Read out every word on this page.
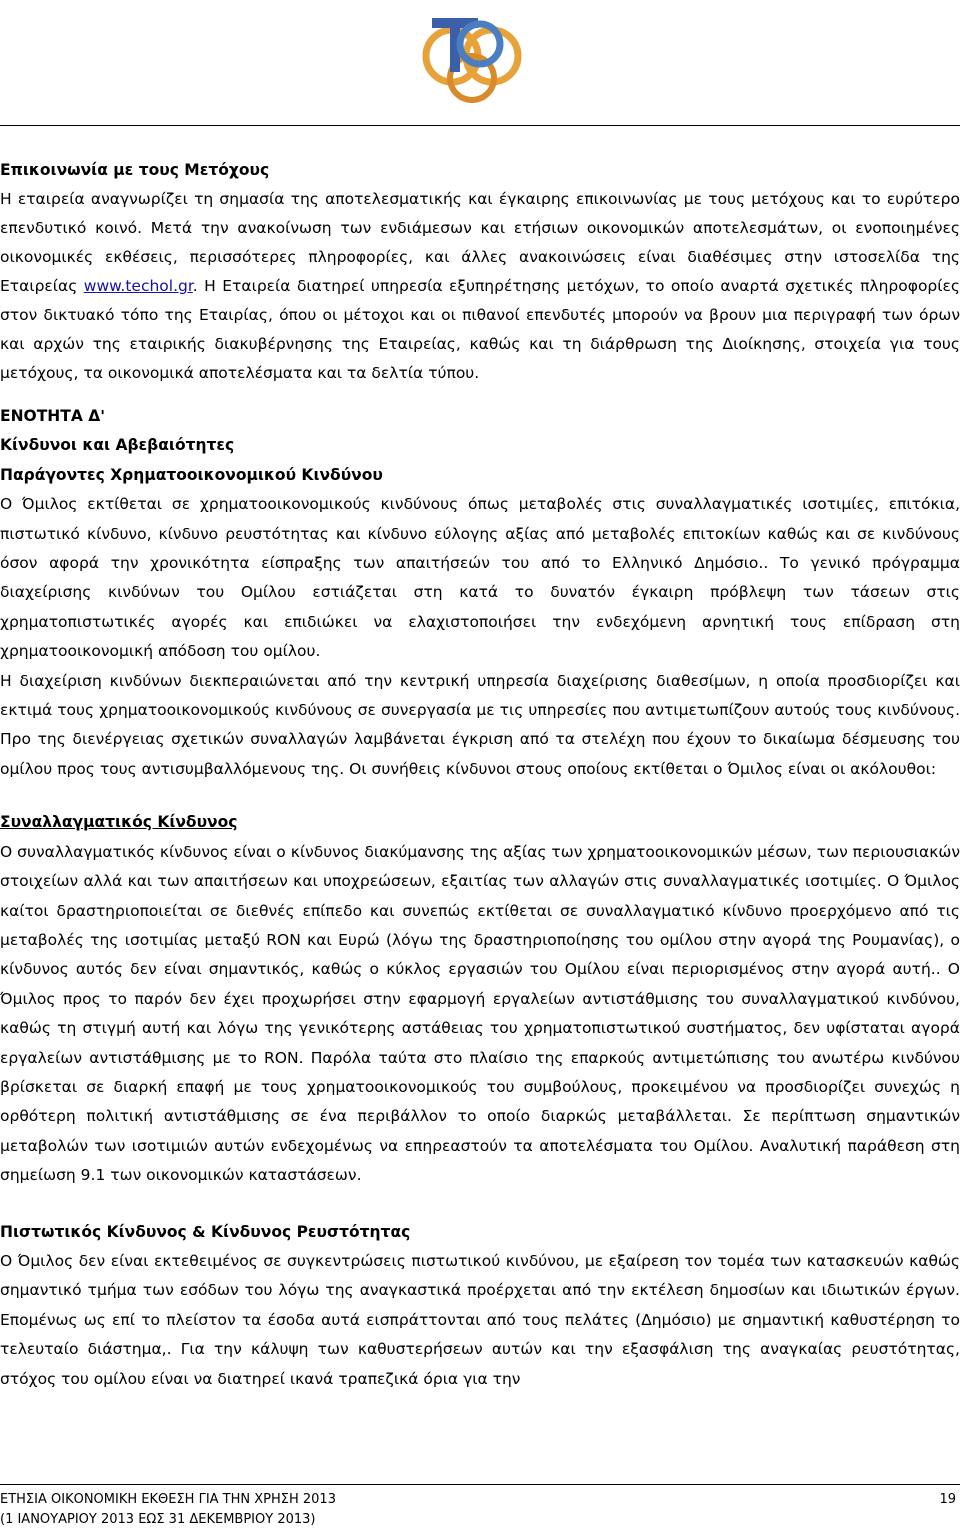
Επικοινωνία με τους Μετόχους

Η εταιρεία αναγνωρίζει τη σημασία της αποτελεσματικής και έγκαιρης επικοινωνίας με τους μετόχους και το ευρύτερο επενδυτικό κοινό. Μετά την ανακοίνωση των ενδιάμεσων και ετήσιων οικονομικών αποτελεσμάτων, οι ενοποιημένες οικονομικές εκθέσεις, περισσότερες πληροφορίες, και άλλες ανακοινώσεις είναι διαθέσιμες στην ιστοσελίδα της Εταιρείας www.techol.gr. Η Εταιρεία διατηρεί υπηρεσία εξυπηρέτησης μετόχων, το οποίο αναρτά σχετικές πληροφορίες στον δικτυακό τόπο της Εταιρίας, όπου οι μέτοχοι και οι πιθανοί επενδυτές μπορούν να βρουν μια περιγραφή των όρων και αρχών της εταιρικής διακυβέρνησης της Εταιρείας, καθώς και τη διάρθρωση της Διοίκησης, στοιχεία για τους μετόχους, τα οικονομικά αποτελέσματα και τα δελτία τύπου.

ΕΝΟΤΗΤΑ Δ'

Κίνδυνοι και Αβεβαιότητες

Παράγοντες Χρηματοοικονομικού Κινδύνου

Ο Όμιλος εκτίθεται σε χρηματοοικονομικούς κινδύνους όπως μεταβολές στις συναλλαγματικές ισοτιμίες, επιτόκια, πιστωτικό κίνδυνο, κίνδυνο ρευστότητας και κίνδυνο εύλογης αξίας από μεταβολές επιτοκίων καθώς και σε κινδύνους όσον αφορά την χρονικότητα είσπραξης των απαιτήσεών του από το Ελληνικό Δημόσιο.. Το γενικό πρόγραμμα διαχείρισης κινδύνων του Ομίλου εστιάζεται στη κατά το δυνατόν έγκαιρη πρόβλεψη των τάσεων στις χρηματοπιστωτικές αγορές και επιδιώκει να ελαχιστοποιήσει την ενδεχόμενη αρνητική τους επίδραση στη χρηματοοικονομική απόδοση του ομίλου.

Η διαχείριση κινδύνων διεκπεραιώνεται από την κεντρική υπηρεσία διαχείρισης διαθεσίμων, η οποία προσδιορίζει και εκτιμά τους χρηματοοικονομικούς κινδύνους σε συνεργασία με τις υπηρεσίες που αντιμετωπίζουν αυτούς τους κινδύνους. Προ της διενέργειας σχετικών συναλλαγών λαμβάνεται έγκριση από τα στελέχη που έχουν το δικαίωμα δέσμευσης του ομίλου προς τους αντισυμβαλλόμενους της. Οι συνήθεις κίνδυνοι στους οποίους εκτίθεται ο Όμιλος είναι οι ακόλουθοι:

Συναλλαγματικός Κίνδυνος

Ο συναλλαγματικός κίνδυνος είναι ο κίνδυνος διακύμανσης της αξίας των χρηματοοικονομικών μέσων, των περιουσιακών στοιχείων αλλά και των απαιτήσεων και υποχρεώσεων, εξαιτίας των αλλαγών στις συναλλαγματικές ισοτιμίες. Ο Όμιλος καίτοι δραστηριοποιείται σε διεθνές επίπεδο και συνεπώς εκτίθεται σε συναλλαγματικό κίνδυνο προερχόμενο από τις μεταβολές της ισοτιμίας μεταξύ RON και Ευρώ (λόγω της δραστηριοποίησης του ομίλου στην αγορά της Ρουμανίας), ο κίνδυνος αυτός δεν είναι σημαντικός, καθώς ο κύκλος εργασιών του Ομίλου είναι περιορισμένος στην αγορά αυτή.. Ο Όμιλος προς το παρόν δεν έχει προχωρήσει στην εφαρμογή εργαλείων αντιστάθμισης του συναλλαγματικού κινδύνου, καθώς τη στιγμή αυτή και λόγω της γενικότερης αστάθειας του χρηματοπιστωτικού συστήματος, δεν υφίσταται αγορά εργαλείων αντιστάθμισης με το RON. Παρόλα ταύτα στο πλαίσιο της επαρκούς αντιμετώπισης του ανωτέρω κινδύνου βρίσκεται σε διαρκή επαφή με τους χρηματοοικονομικούς του συμβούλους, προκειμένου να προσδιορίζει συνεχώς η ορθότερη πολιτική αντιστάθμισης σε ένα περιβάλλον το οποίο διαρκώς μεταβάλλεται. Σε περίπτωση σημαντικών μεταβολών των ισοτιμιών αυτών ενδεχομένως να επηρεαστούν τα αποτελέσματα του Ομίλου. Αναλυτική παράθεση στη σημείωση 9.1 των οικονομικών καταστάσεων.

Πιστωτικός Κίνδυνος & Κίνδυνος Ρευστότητας

Ο Όμιλος δεν είναι εκτεθειμένος σε συγκεντρώσεις πιστωτικού κινδύνου, με εξαίρεση τον τομέα των κατασκευών καθώς σημαντικό τμήμα των εσόδων του λόγω της αναγκαστικά προέρχεται από την εκτέλεση δημοσίων και ιδιωτικών έργων. Επομένως ως επί το πλείστον τα έσοδα αυτά εισπράττονται από τους πελάτες (Δημόσιο) με σημαντική καθυστέρηση το τελευταίο διάστημα,. Για την κάλυψη των καθυστερήσεων αυτών και την εξασφάλιση της αναγκαίας ρευστότητας, στόχος του ομίλου είναι να διατηρεί ικανά τραπεζικά όρια για την

ΕΤΗΣΙΑ ΟΙΚΟΝΟΜΙΚΗ ΕΚΘΕΣΗ ΓΙΑ ΤΗΝ ΧΡΗΣΗ 2013
(1 ΙΑΝΟΥΑΡΙΟΥ 2013 ΕΩΣ 31 ΔΕΚΕΜΒΡΙΟΥ 2013)
19
